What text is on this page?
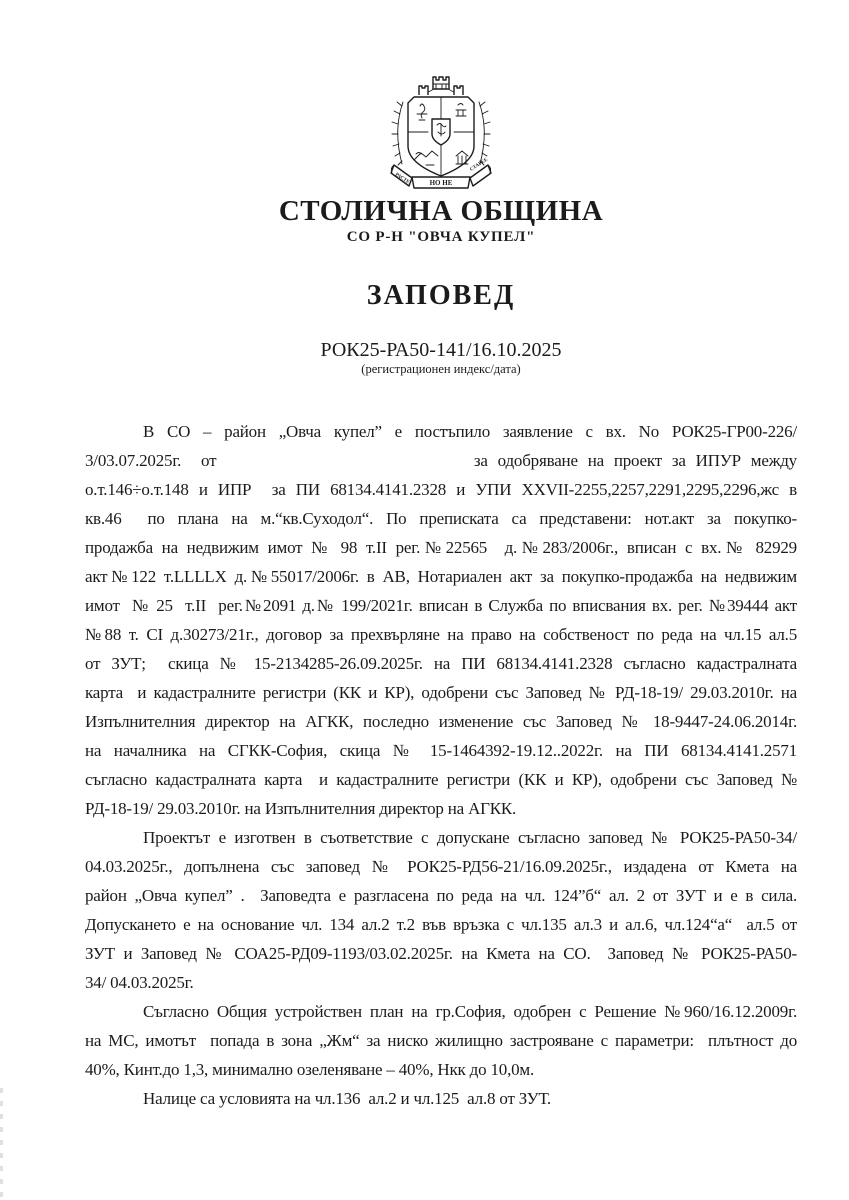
РАСТЕ	НО НЕ
СТАРЕЕ
СТОЛИЧНА ОБЩИНА
СО Р-Н "ОВЧА КУПЕЛ"
ЗАПОВЕД
РОК25-РА50-141/16.10.2025
(регистрационен индекс/дата)
В СО – район „Овча купел” е постъпило заявление с вх. No РОК25-ГР00-226/
3/03.07.2025г.  от                          за одобряване на проект за ИПУР между
о.т.146÷о.т.148 и ИПР  за ПИ 68134.4141.2328 и УПИ XXVII-2255,2257,2291,2295,2296,жс в
кв.46  по плана на м.“кв.Суходол“. По преписката са представени: нот.акт за покупко-
продажба на недвижим имот № 98 т.II рег.№22565  д.№283/2006г., вписан с вх.№ 82929
акт№122 т.LLLLX д.№55017/2006г. в АВ, Нотариален акт за покупко-продажба на недвижим
имот  № 25  т.II  рег.№2091 д.№ 199/2021г. вписан в Служба по вписвания вх. рег. №39444 акт
№88 т. СI д.30273/21г., договор за прехвърляне на право на собственост по реда на чл.15 ал.5
от ЗУТ;  скица № 15-2134285-26.09.2025г. на ПИ 68134.4141.2328 съгласно кадастралната
карта  и кадастралните регистри (КК и КР), одобрени със Заповед № РД-18-19/ 29.03.2010г. на
Изпълнителния директор на АГКК, последно изменение със Заповед № 18-9447-24.06.2014г.
на началника на СГКК-София, скица № 15-1464392-19.12..2022г. на ПИ 68134.4141.2571
съгласно кадастралната карта  и кадастралните регистри (КК и КР), одобрени със Заповед №
РД-18-19/ 29.03.2010г. на Изпълнителния директор на АГКК.
Проектът е изготвен в съответствие с допускане съгласно заповед № РОК25-РА50-34/
04.03.2025г., допълнена със заповед № РОК25-РД56-21/16.09.2025г., издадена от Кмета на
район „Овча купел” .  Заповедта е разгласена по реда на чл. 124”б“ ал. 2 от ЗУТ и е в сила.
Допускането е на основание чл. 134 ал.2 т.2 във връзка с чл.135 ал.3 и ал.6, чл.124“а“  ал.5 от
ЗУТ и Заповед № СОА25-РД09-1193/03.02.2025г. на Кмета на СО.  Заповед № РОК25-РА50-
34/ 04.03.2025г.
Съгласно Общия устройствен план на гр.София, одобрен с Решение №960/16.12.2009г.
на МС, имотът  попада в зона „Жм“ за ниско жилищно застрояване с параметри:  плътност до
40%, Кинт.до 1,3, минимално озеленяване – 40%, Нкк до 10,0м.
Налице са условията на чл.136  ал.2 и чл.125  ал.8 от ЗУТ.
